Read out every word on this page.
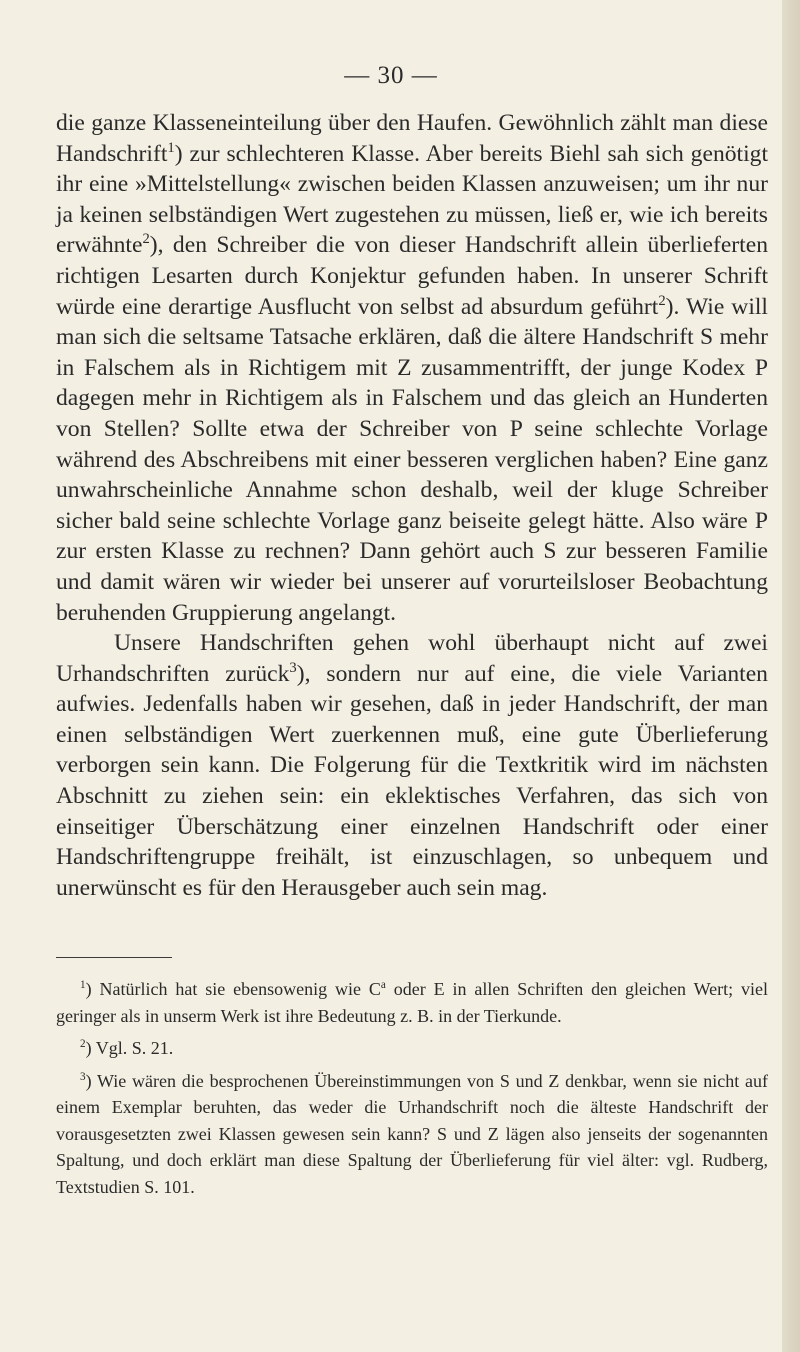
— 30 —

die ganze Klasseneinteilung über den Haufen. Gewöhnlich zählt man diese Handschrift$^1$) zur schlechteren Klasse. Aber bereits Biehl sah sich genötigt ihr eine »Mittelstellung« zwischen beiden Klassen anzuweisen; um ihr nur ja keinen selbständigen Wert zugestehen zu müssen, ließ er, wie ich bereits erwähnte$^2$), den Schreiber die von dieser Handschrift allein überlieferten richtigen Lesarten durch Konjektur gefunden haben. In unserer Schrift würde eine derartige Ausflucht von selbst ad absurdum geführt$^2$). Wie will man sich die seltsame Tatsache erklären, daß die ältere Handschrift S mehr in Falschem als in Richtigem mit Z zusammentrifft, der junge Kodex P dagegen mehr in Richtigem als in Falschem und das gleich an Hunderten von Stellen? Sollte etwa der Schreiber von P seine schlechte Vorlage während des Abschreibens mit einer besseren verglichen haben? Eine ganz unwahrscheinliche Annahme schon deshalb, weil der kluge Schreiber sicher bald seine schlechte Vorlage ganz beiseite gelegt hätte. Also wäre P zur ersten Klasse zu rechnen? Dann gehört auch S zur besseren Familie und damit wären wir wieder bei unserer auf vorurteilsloser Beobachtung beruhenden Gruppierung angelangt.

Unsere Handschriften gehen wohl überhaupt nicht auf zwei Urhandschriften zurück$^3$), sondern nur auf eine, die viele Varianten aufwies. Jedenfalls haben wir gesehen, daß in jeder Handschrift, der man einen selbständigen Wert zuerkennen muß, eine gute Überlieferung verborgen sein kann. Die Folgerung für die Textkritik wird im nächsten Abschnitt zu ziehen sein: ein eklektisches Verfahren, das sich von einseitiger Überschätzung einer einzelnen Handschrift oder einer Handschriftengruppe freihält, ist einzuschlagen, so unbequem und unerwünscht es für den Herausgeber auch sein mag.

$^1$) Natürlich hat sie ebensowenig wie $C^a$ oder E in allen Schriften den gleichen Wert; viel geringer als in unserm Werk ist ihre Bedeutung z. B. in der Tierkunde.

$^2$) Vgl. S. 21.

$^3$) Wie wären die besprochenen Übereinstimmungen von S und Z denkbar, wenn sie nicht auf einem Exemplar beruhten, das weder die Urhandschrift noch die älteste Handschrift der vorausgesetzten zwei Klassen gewesen sein kann? S und Z lägen also jenseits der sogenannten Spaltung, und doch erklärt man diese Spaltung der Überlieferung für viel älter: vgl. Rudberg, Textstudien S. 101.
